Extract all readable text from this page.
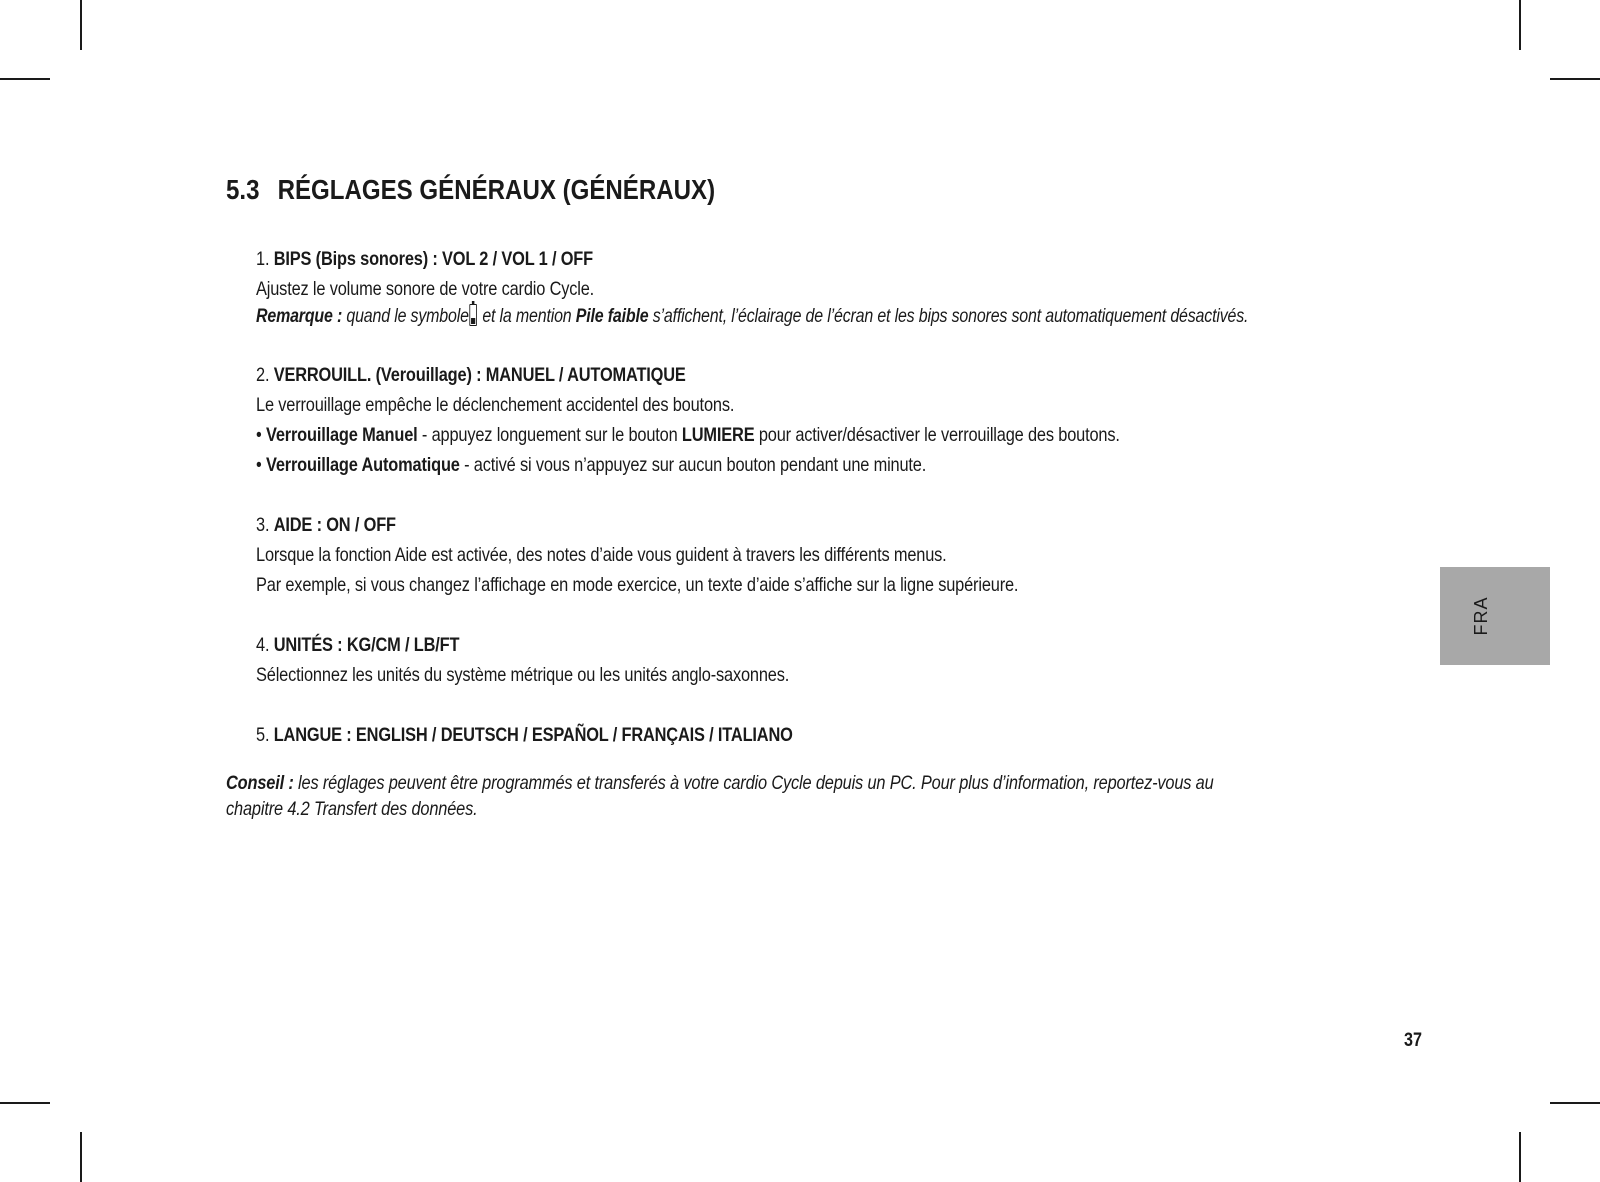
5.3 RÉGLAGES GÉNÉRAUX (GÉNÉRAUX)
1. BIPS (Bips sonores) : VOL 2 / VOL 1 / OFF
Ajustez le volume sonore de votre cardio Cycle.
Remarque : quand le symbole et la mention Pile faible s’affichent, l’éclairage de l’écran et les bips sonores sont automatiquement désactivés.
2. VERROUILL. (Verouillage) : MANUEL / AUTOMATIQUE
Le verrouillage empêche le déclenchement accidentel des boutons.
• Verrouillage Manuel - appuyez longuement sur le bouton LUMIERE pour activer/désactiver le verrouillage des boutons.
• Verrouillage Automatique - activé si vous n’appuyez sur aucun bouton pendant une minute.
3. AIDE : ON / OFF
Lorsque la fonction Aide est activée, des notes d’aide vous guident à travers les différents menus.
Par exemple, si vous changez l’affichage en mode exercice, un texte d’aide s’affiche sur la ligne supérieure.
4. UNITÉS : KG/CM / LB/FT
Sélectionnez les unités du système métrique ou les unités anglo-saxonnes.
5. LANGUE : ENGLISH / DEUTSCH / ESPAÑOL / FRANÇAIS / ITALIANO
Conseil : les réglages peuvent être programmés et transferés à votre cardio Cycle depuis un PC. Pour plus d’information, reportez-vous au
chapitre 4.2 Transfert des données.
FRA
37
